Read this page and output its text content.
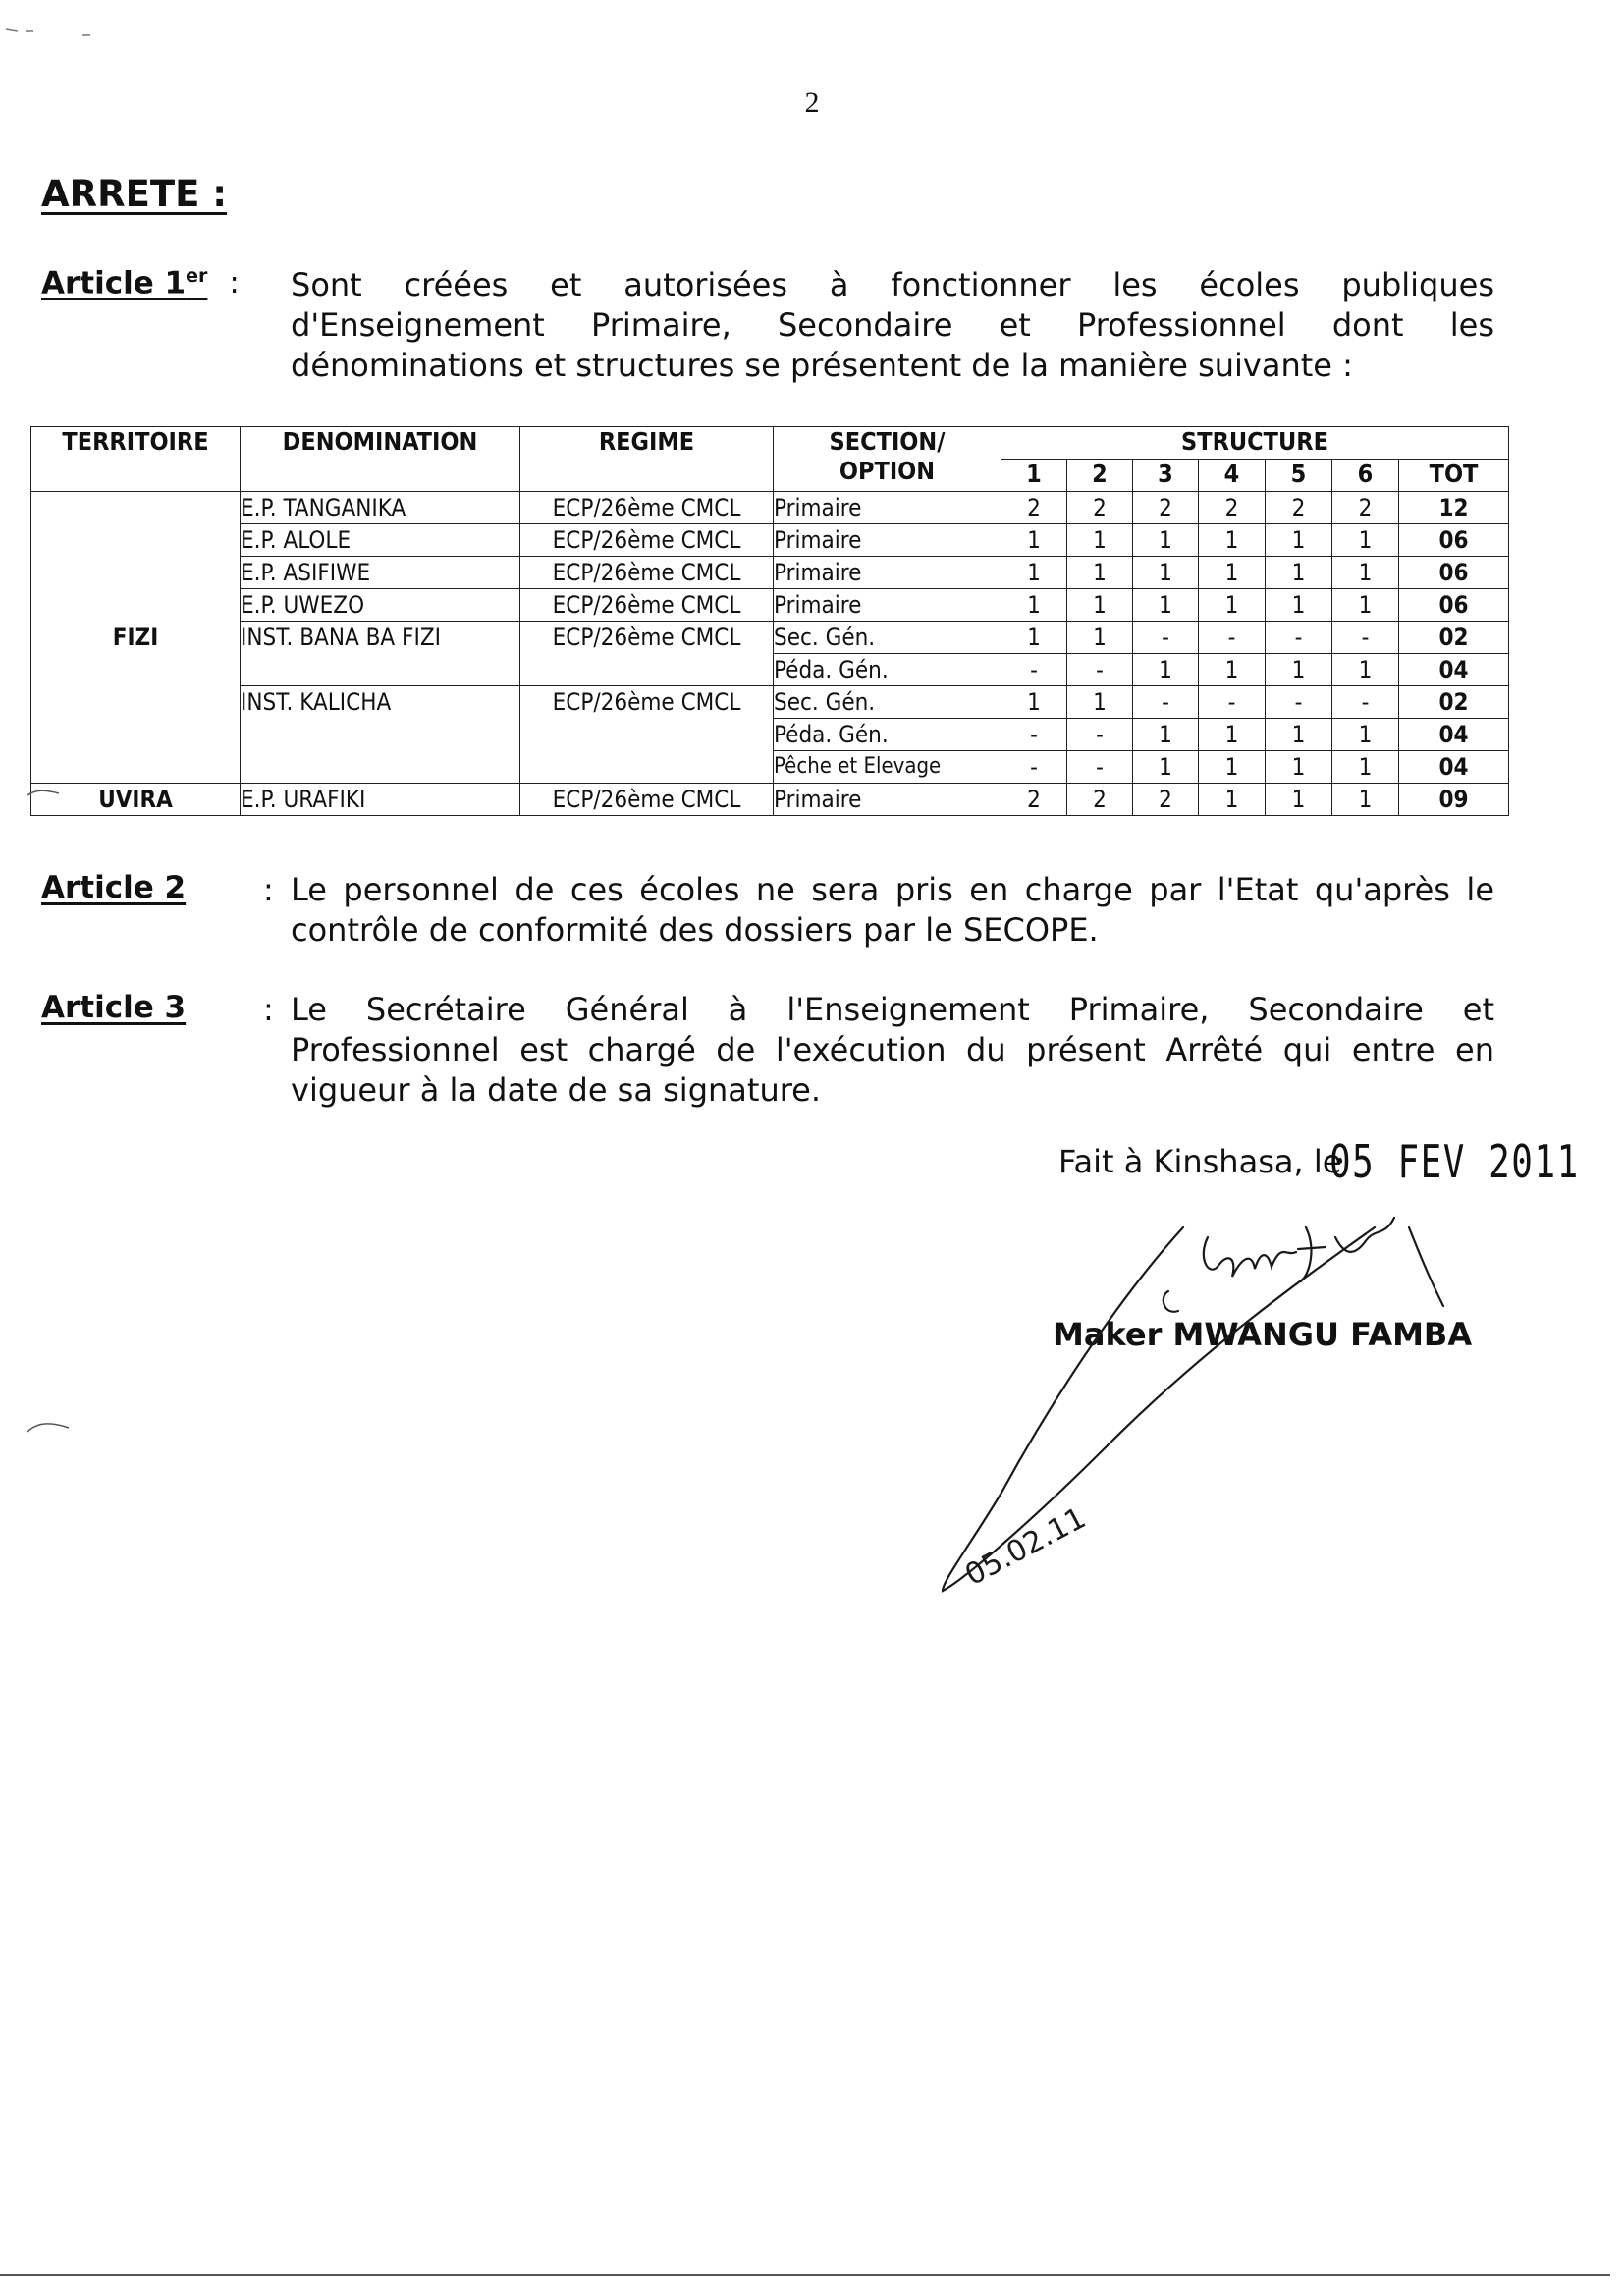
2
ARRETE :
Article 1er : Sont créées et autorisées à fonctionner les écoles publiques d'Enseignement Primaire, Secondaire et Professionnel dont les dénominations et structures se présentent de la manière suivante :
TERRITOIRE	DENOMINATION	REGIME	SECTION/
OPTION	STRUCTURE						
				1	2	3	4	5	6	TOT
FIZI	E.P. TANGANIKA	ECP/26ème CMCL	Primaire	2	2	2	2	2	2	12
	E.P. ALOLE	ECP/26ème CMCL	Primaire	1	1	1	1	1	1	06
	E.P. ASIFIWE	ECP/26ème CMCL	Primaire	1	1	1	1	1	1	06
	E.P. UWEZO	ECP/26ème CMCL	Primaire	1	1	1	1	1	1	06
	INST. BANA BA FIZI	ECP/26ème CMCL	Sec. Gén.	1	1	-	-	-	-	02
			Péda. Gén.	-	-	1	1	1	1	04
	INST. KALICHA	ECP/26ème CMCL	Sec. Gén.	1	1	-	-	-	-	02
			Péda. Gén.	-	-	1	1	1	1	04
			Pêche et Elevage	-	-	1	1	1	1	04
UVIRA	E.P. URAFIKI	ECP/26ème CMCL	Primaire	2	2	2	1	1	1	09
Article 2 : Le personnel de ces écoles ne sera pris en charge par l'Etat qu'après le contrôle de conformité des dossiers par le SECOPE.
Article 3 : Le Secrétaire Général à l'Enseignement Primaire, Secondaire et Professionnel est chargé de l'exécution du présent Arrêté qui entre en vigueur à la date de sa signature.
Fait à Kinshasa, le
05 FEV 2011
Maker MWANGU FAMBA
05.02.11
